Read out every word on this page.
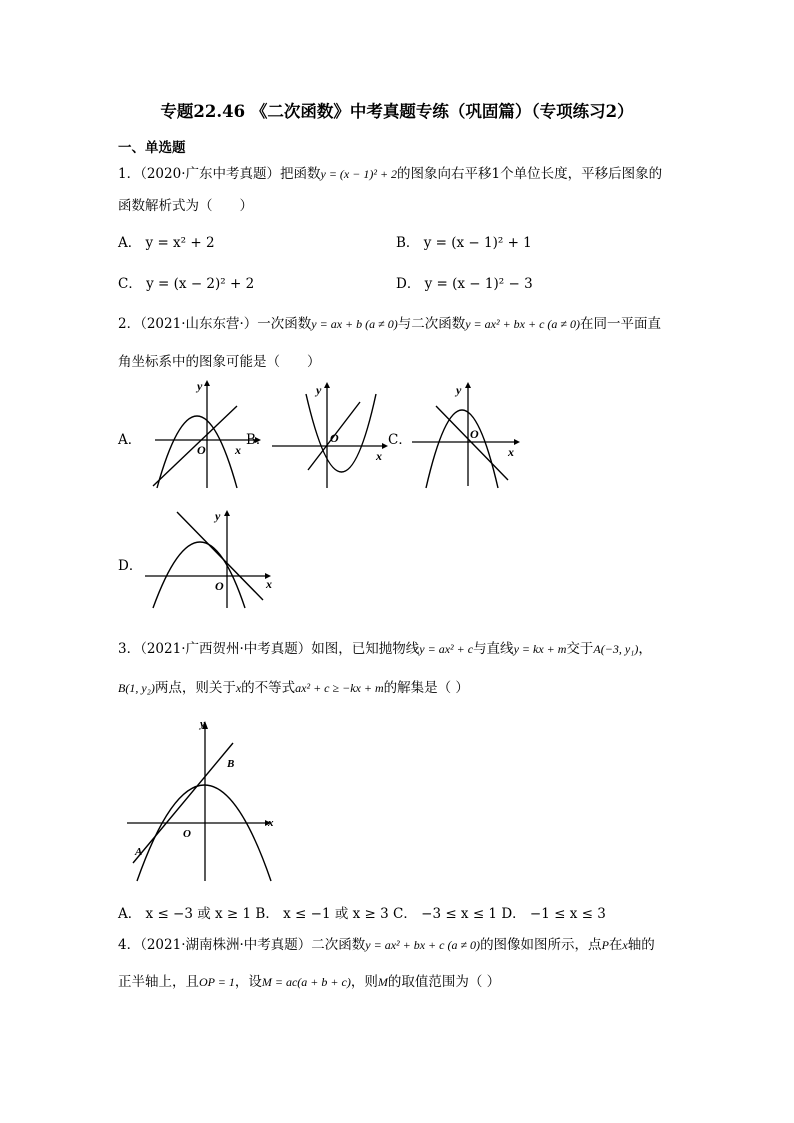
专题22.46 《二次函数》中考真题专练（巩固篇）（专项练习2）
一、单选题
1．（2020·广东中考真题）把函数y = (x − 1)² + 2的图象向右平移1个单位长度，平移后图象的
函数解析式为（　　）
A． y = x² + 2	B． y = (x − 1)² + 1
C． y = (x − 2)² + 2	D． y = (x − 1)² − 3
2．（2021·山东东营·）一次函数y = ax + b (a ≠ 0)与二次函数y = ax² + bx + c (a ≠ 0)在同一平面直
角坐标系中的图象可能是（　　）
A．
O x
y
B．	O
x
y
C．	O
x
y
D．
O	x
y
3．（2021·广西贺州·中考真题）如图，已知抛物线y = ax² + c与直线y = kx + m交于A(−3, y₁)，
B(1, y₂)两点，则关于x的不等式ax² + c ≥ −kx + m的解集是（ ）
O
x
y
A
B
A． x ≤ −3 或 x ≥ 1 B． x ≤ −1 或 x ≥ 3 C． −3 ≤ x ≤ 1 D． −1 ≤ x ≤ 3
4．（2021·湖南株洲·中考真题）二次函数y = ax² + bx + c (a ≠ 0)的图像如图所示，点P在x轴的
正半轴上，且OP = 1，设M = ac(a + b + c)，则M的取值范围为（ ）
